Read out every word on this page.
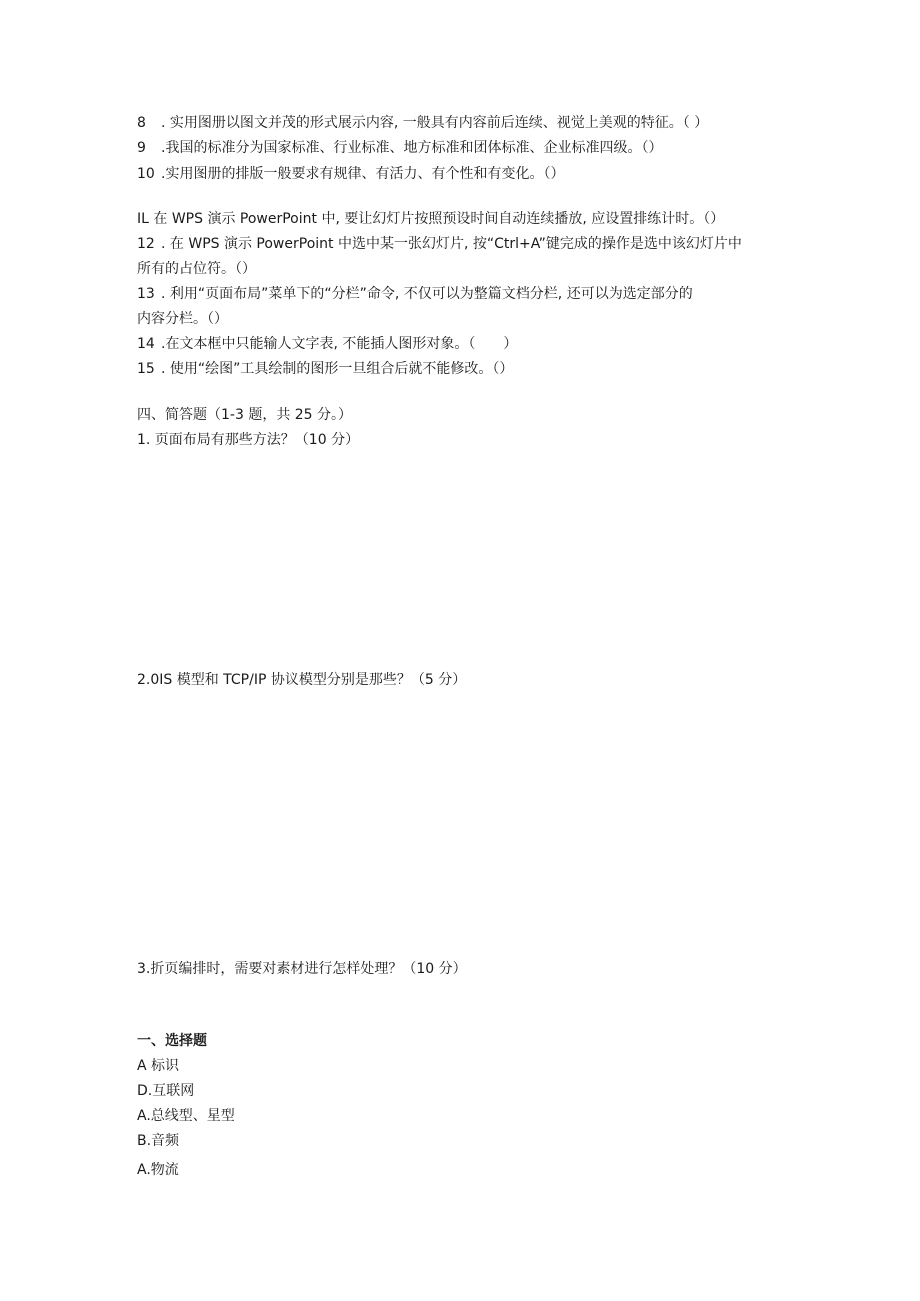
8 . 实用图册以图文并茂的形式展示内容, 一般具有内容前后连续、视觉上美观的特征。（ ）
9 .我国的标准分为国家标准、行业标准、地方标准和团体标准、企业标准四级。（）
10 .实用图册的排版一般要求有规律、有活力、有个性和有变化。（）
IL 在 WPS 演示 PowerPoint 中, 要让幻灯片按照预设时间自动连续播放, 应设置排练计时。（）
12 . 在 WPS 演示 PowerPoint 中选中某一张幻灯片, 按“Ctrl+A”键完成的操作是选中该幻灯片中
所有的占位符。（）
13 . 利用“页面布局”菜单下的“分栏”命令, 不仅可以为整篇文档分栏, 还可以为选定部分的
内容分栏。（）
14 .在文本框中只能输人文字表, 不能插人图形对象。（　　）
15 . 使用“绘图”工具绘制的图形一旦组合后就不能修改。（）
四、简答题（1-3 题，共 25 分。）
1. 页面布局有那些方法？（10 分）
2.0IS 模型和 TCP/IP 协议模型分别是那些？（5 分）
3.折页编排时，需要对素材进行怎样处理？（10 分）
一、选择题
A 标识
D.互联网
A.总线型、星型
B.音频
A.物流
